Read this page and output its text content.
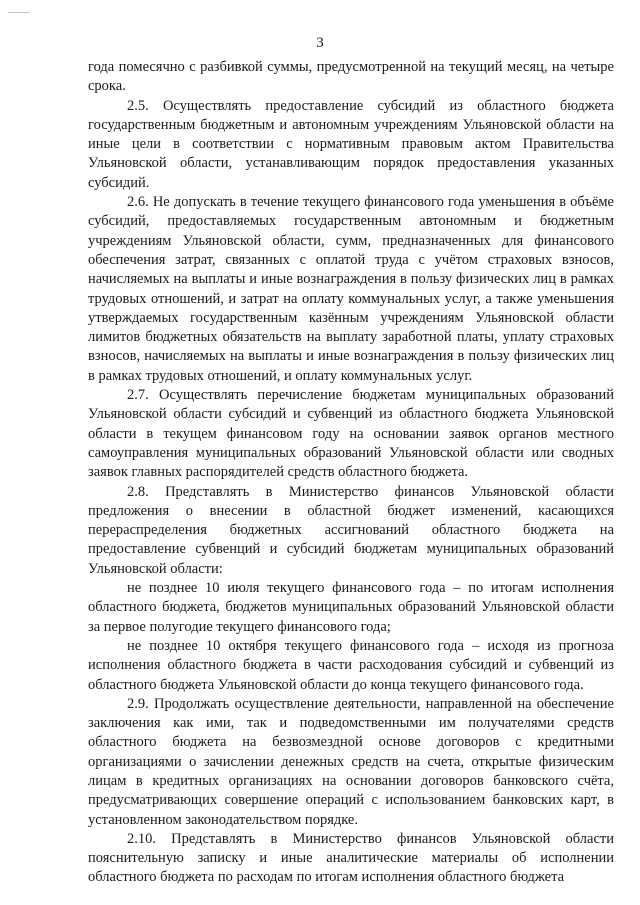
3

года помесячно с разбивкой суммы, предусмотренной на текущий месяц, на четыре срока.

2.5. Осуществлять предоставление субсидий из областного бюджета государственным бюджетным и автономным учреждениям Ульяновской области на иные цели в соответствии с нормативным правовым актом Правительства Ульяновской области, устанавливающим порядок предоставления указанных субсидий.

2.6. Не допускать в течение текущего финансового года уменьшения в объёме субсидий, предоставляемых государственным автономным и бюджетным учреждениям Ульяновской области, сумм, предназначенных для финансового обеспечения затрат, связанных с оплатой труда с учётом страховых взносов, начисляемых на выплаты и иные вознаграждения в пользу физических лиц в рамках трудовых отношений, и затрат на оплату коммунальных услуг, а также уменьшения утверждаемых государственным казённым учреждениям Ульяновской области лимитов бюджетных обязательств на выплату заработной платы, уплату страховых взносов, начисляемых на выплаты и иные вознаграждения в пользу физических лиц в рамках трудовых отношений, и оплату коммунальных услуг.

2.7. Осуществлять перечисление бюджетам муниципальных образований Ульяновской области субсидий и субвенций из областного бюджета Ульяновской области в текущем финансовом году на основании заявок органов местного самоуправления муниципальных образований Ульяновской области или сводных заявок главных распорядителей средств областного бюджета.

2.8. Представлять в Министерство финансов Ульяновской области предложения о внесении в областной бюджет изменений, касающихся перераспределения бюджетных ассигнований областного бюджета на предоставление субвенций и субсидий бюджетам муниципальных образований Ульяновской области:

не позднее 10 июля текущего финансового года – по итогам исполнения областного бюджета, бюджетов муниципальных образований Ульяновской области за первое полугодие текущего финансового года;

не позднее 10 октября текущего финансового года – исходя из прогноза исполнения областного бюджета в части расходования субсидий и субвенций из областного бюджета Ульяновской области до конца текущего финансового года.

2.9. Продолжать осуществление деятельности, направленной на обеспечение заключения как ими, так и подведомственными им получателями средств областного бюджета на безвозмездной основе договоров с кредитными организациями о зачислении денежных средств на счета, открытые физическим лицам в кредитных организациях на основании договоров банковского счёта, предусматривающих совершение операций с использованием банковских карт, в установленном законодательством порядке.

2.10. Представлять в Министерство финансов Ульяновской области пояснительную записку и иные аналитические материалы об исполнении областного бюджета по расходам по итогам исполнения областного бюджета
